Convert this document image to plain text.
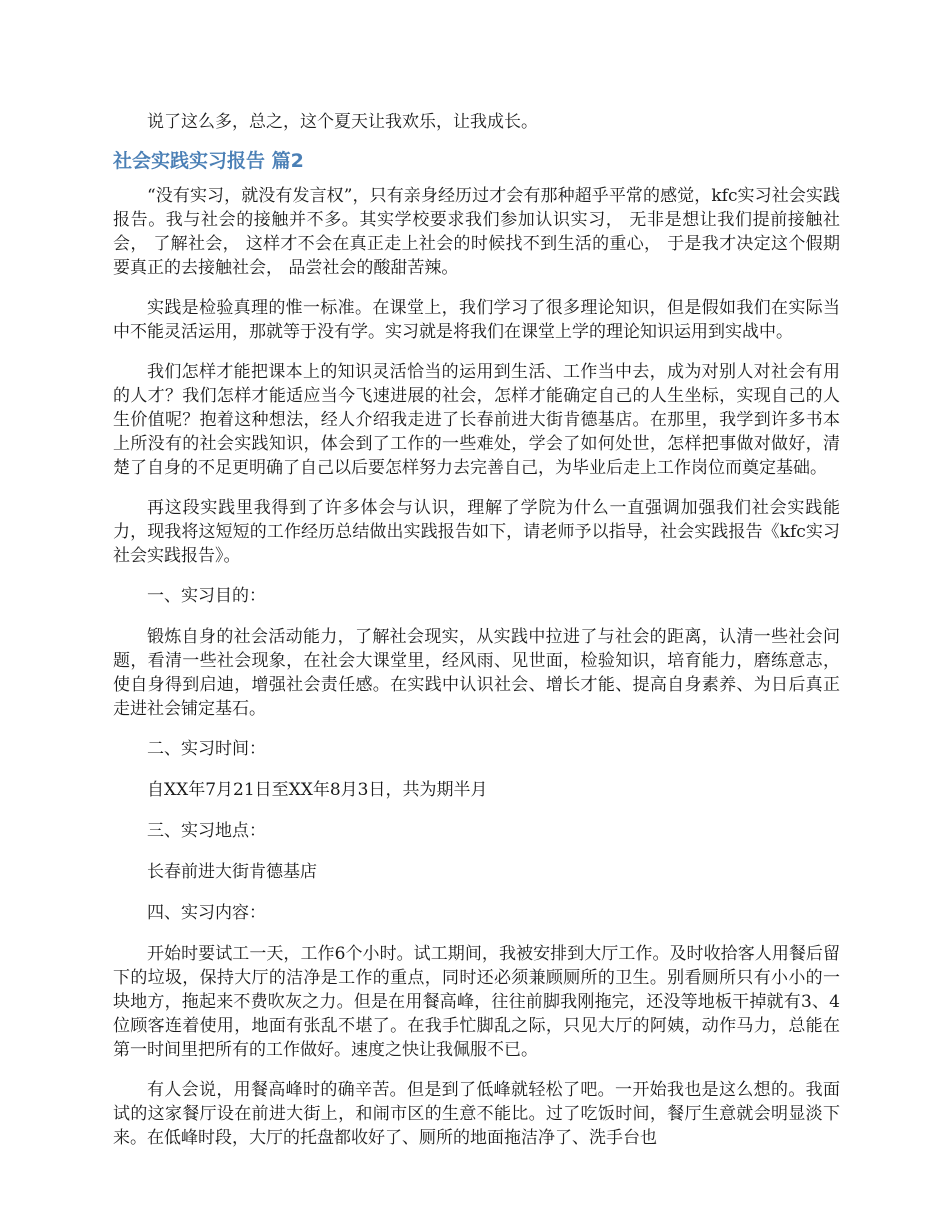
说了这么多，总之，这个夏天让我欢乐，让我成长。

社会实践实习报告 篇2

“没有实习，就没有发言权”，只有亲身经历过才会有那种超乎平常的感觉，kfc实习社会实践报告。我与社会的接触并不多。其实学校要求我们参加认识实习， 无非是想让我们提前接触社会， 了解社会， 这样才不会在真正走上社会的时候找不到生活的重心， 于是我才决定这个假期要真正的去接触社会， 品尝社会的酸甜苦辣。

实践是检验真理的惟一标准。在课堂上，我们学习了很多理论知识，但是假如我们在实际当中不能灵活运用，那就等于没有学。实习就是将我们在课堂上学的理论知识运用到实战中。

我们怎样才能把课本上的知识灵活恰当的运用到生活、工作当中去，成为对别人对社会有用的人才？我们怎样才能适应当今飞速进展的社会，怎样才能确定自己的人生坐标，实现自己的人生价值呢？抱着这种想法，经人介绍我走进了长春前进大街肯德基店。在那里，我学到许多书本上所没有的社会实践知识，体会到了工作的一些难处，学会了如何处世，怎样把事做对做好，清楚了自身的不足更明确了自己以后要怎样努力去完善自己，为毕业后走上工作岗位而奠定基础。

再这段实践里我得到了许多体会与认识，理解了学院为什么一直强调加强我们社会实践能力，现我将这短短的工作经历总结做出实践报告如下，请老师予以指导，社会实践报告《kfc实习社会实践报告》。

一、实习目的：

锻炼自身的社会活动能力，了解社会现实，从实践中拉进了与社会的距离，认清一些社会问题，看清一些社会现象，在社会大课堂里，经风雨、见世面，检验知识，培育能力，磨练意志，使自身得到启迪，增强社会责任感。在实践中认识社会、增长才能、提高自身素养、为日后真正走进社会铺定基石。

二、实习时间：

自XX年7月21日至XX年8月3日，共为期半月

三、实习地点：

长春前进大街肯德基店

四、实习内容：

开始时要试工一天，工作6个小时。试工期间，我被安排到大厅工作。及时收拾客人用餐后留下的垃圾，保持大厅的洁净是工作的重点，同时还必须兼顾厕所的卫生。别看厕所只有小小的一块地方，拖起来不费吹灰之力。但是在用餐高峰，往往前脚我刚拖完，还没等地板干掉就有3、4位顾客连着使用，地面有张乱不堪了。在我手忙脚乱之际，只见大厅的阿姨，动作马力，总能在第一时间里把所有的工作做好。速度之快让我佩服不已。

有人会说，用餐高峰时的确辛苦。但是到了低峰就轻松了吧。一开始我也是这么想的。我面试的这家餐厅设在前进大街上，和闹市区的生意不能比。过了吃饭时间，餐厅生意就会明显淡下来。在低峰时段，大厅的托盘都收好了、厕所的地面拖洁净了、洗手台也
